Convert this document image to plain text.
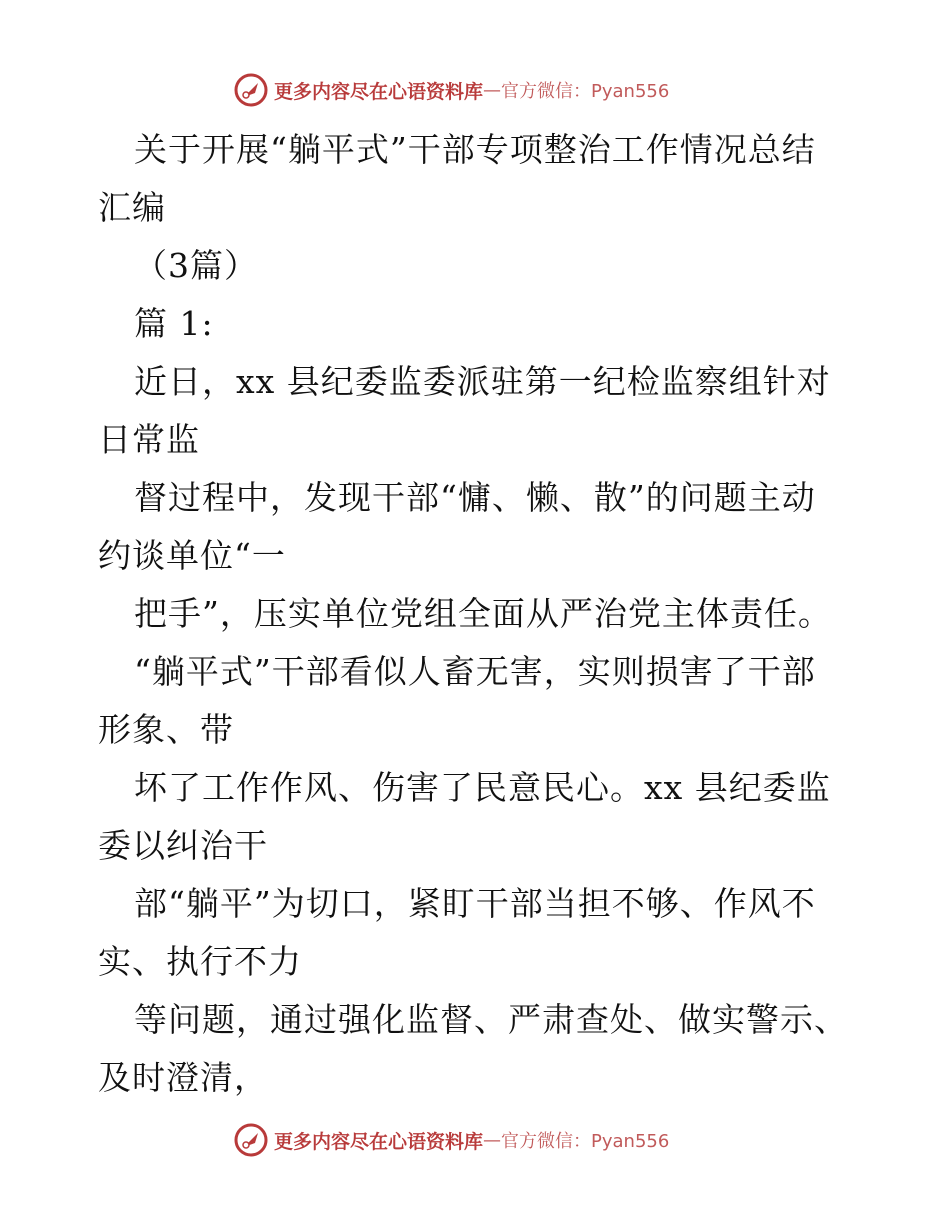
更多内容尽在心语资料库 — 官方微信：Pyan556
关于开展“躺平式”干部专项整治工作情况总结
汇编
（3篇）
篇 1:
近日，xx 县纪委监委派驻第一纪检监察组针对
日常监
督过程中，发现干部“慵、懒、散”的问题主动
约谈单位“一
把手”，压实单位党组全面从严治党主体责任。
“躺平式”干部看似人畜无害，实则损害了干部
形象、带
坏了工作作风、伤害了民意民心。xx 县纪委监
委以纠治干
部“躺平”为切口，紧盯干部当担不够、作风不
实、执行不力
等问题，通过强化监督、严肃查处、做实警示、
及时澄清，
更多内容尽在心语资料库 — 官方微信：Pyan556
